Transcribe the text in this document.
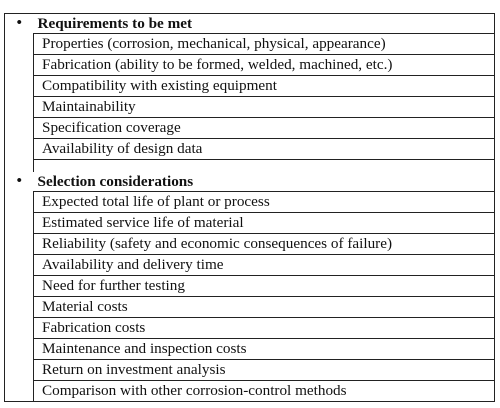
•	Requirements to be met
	Properties (corrosion, mechanical, physical, appearance)
	Fabrication (ability to be formed, welded, machined, etc.)
	Compatibility with existing equipment
	Maintainability
	Specification coverage
	Availability of design data

•	Selection considerations
	Expected total life of plant or process
	Estimated service life of material
	Reliability (safety and economic consequences of failure)
	Availability and delivery time
	Need for further testing
	Material costs
	Fabrication costs
	Maintenance and inspection costs
	Return on investment analysis
	Comparison with other corrosion-control methods
